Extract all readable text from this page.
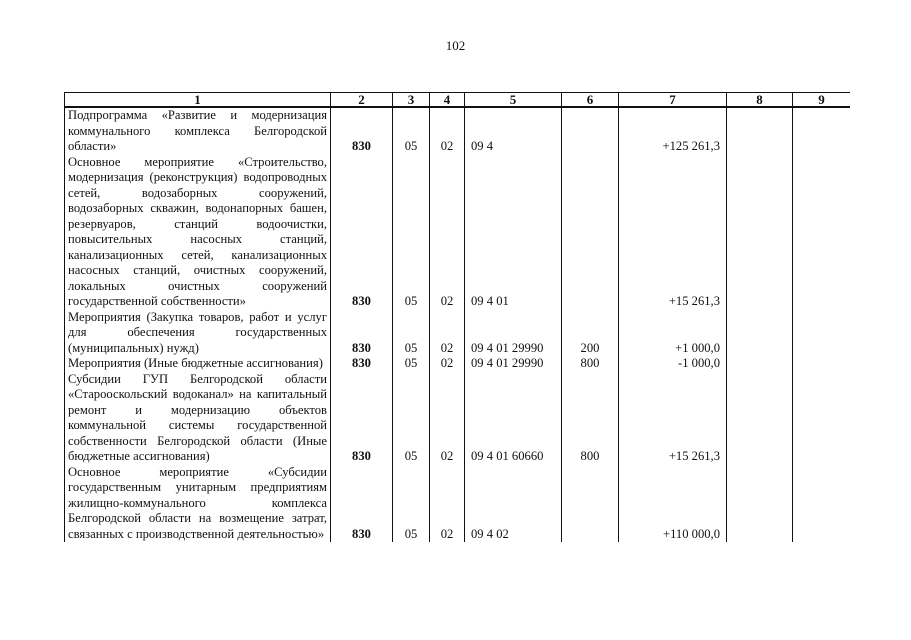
102
1	2	3	4	5	6	7	8	9
Подпрограмма «Развитие и модернизация коммунального комплекса Белгородской области»	830	05	02	09 4		+125 261,3		
Основное мероприятие «Строительство, модернизация (реконструкция) водопроводных сетей, водозаборных сооружений, водозаборных скважин, водонапорных башен, резервуаров, станций водоочистки, повысительных насосных станций, канализационных сетей, канализационных насосных станций, очистных сооружений, локальных очистных сооружений государственной собственности»	830	05	02	09 4 01		+15 261,3		
Мероприятия (Закупка товаров, работ и услуг для обеспечения государственных (муниципальных) нужд)	830	05	02	09 4 01 29990	200	+1 000,0		
Мероприятия (Иные бюджетные ассигнования)	830	05	02	09 4 01 29990	800	-1 000,0		
Субсидии ГУП Белгородской области «Старооскольский водоканал» на капитальный ремонт и модернизацию объектов коммунальной системы государственной собственности Белгородской области (Иные бюджетные ассигнования)	830	05	02	09 4 01 60660	800	+15 261,3		
Основное мероприятие «Субсидии государственным унитарным предприятиям жилищно-коммунального комплекса Белгородской области на возмещение затрат, связанных с производственной деятельностью»	830	05	02	09 4 02		+110 000,0		
